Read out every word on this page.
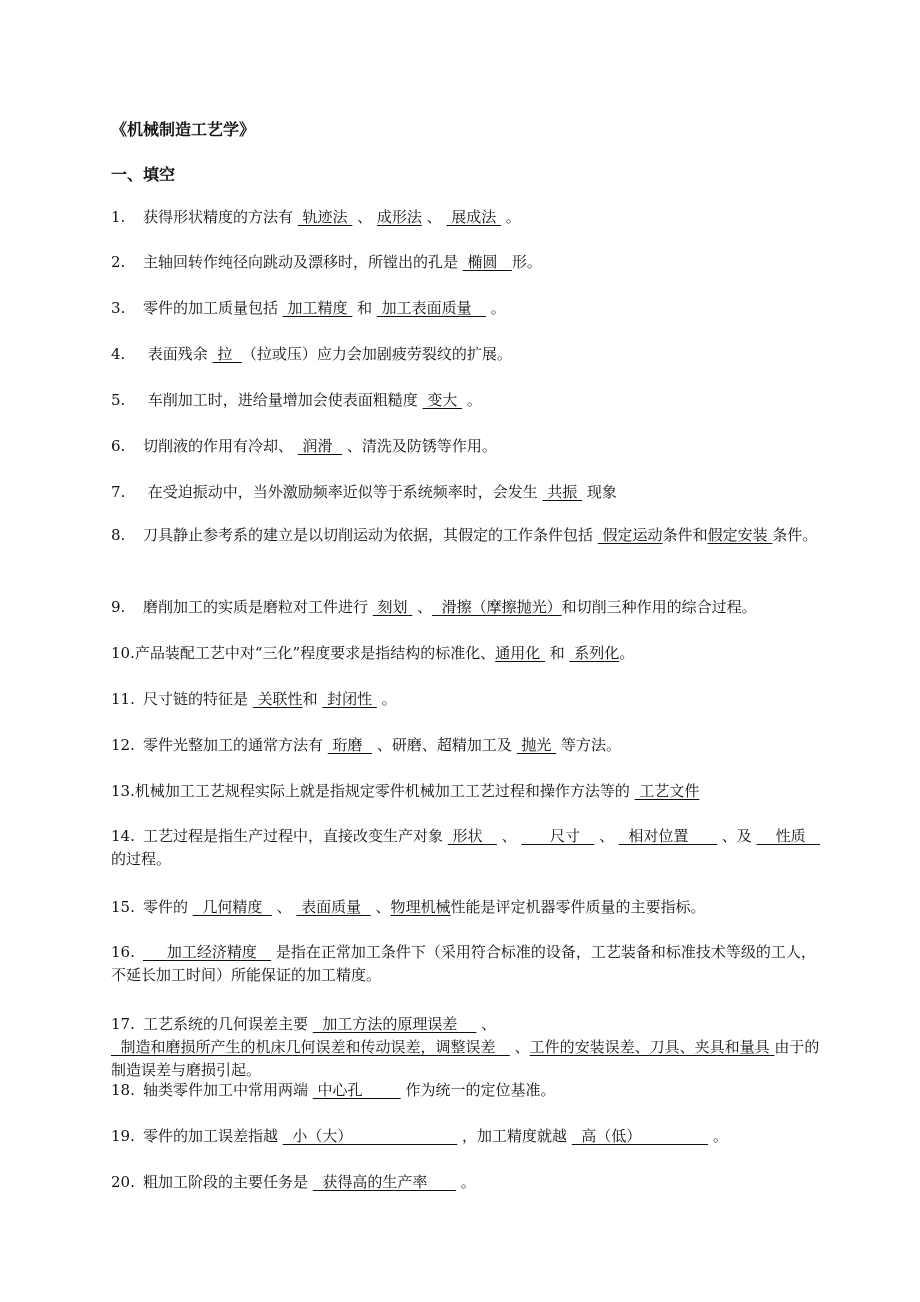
《机械制造工艺学》
一、填空
1. 获得形状精度的方法有  轨迹法  、 成形法 、  展成法  。
2. 主轴回转作纯径向跳动及漂移时，所镗出的孔是  椭圆   形。
3. 零件的加工质量包括  加工精度  和  加工表面质量    。
4. 表面残余  拉  （拉或压）应力会加剧疲劳裂纹的扩展。
5. 车削加工时，进给量增加会使表面粗糙度  变大  。
6. 切削液的作用有冷却、  润滑   、清洗及防锈等作用。
7. 在受迫振动中，当外激励频率近似等于系统频率时，会发生  共振  现象
8. 刀具静止参考系的建立是以切削运动为依据，其假定的工作条件包括  假定运动条件和假定安装 条件。
9. 磨削加工的实质是磨粒对工件进行  刻划  、  滑擦（摩擦抛光）和切削三种作用的综合过程。
10.产品装配工艺中对“三化”程度要求是指结构的标准化、通用化  和  系列化。
11. 尺寸链的特征是  关联性和  封闭性  。
12. 零件光整加工的通常方法有  珩磨   、研磨、超精加工及  抛光  等方法。
13.机械加工工艺规程实际上就是指规定零件机械加工工艺过程和操作方法等的  工艺文件
14. 工艺过程是指生产过程中，直接改变生产对象  形状    、       尺寸    、   相对位置       、及     性质    的过程。
15. 零件的   几何精度   、  表面质量   、物理机械性能是评定机器零件质量的主要指标。
16.     加工经济精度    是指在正常加工条件下（采用符合标准的设备，工艺装备和标准技术等级的工人，不延长加工时间）所能保证的加工精度。
17. 工艺系统的几何误差主要   加工方法的原理误差     、   制造和磨损所产生的机床几何误差和传动误差，调整误差    、工件的安装误差、刀具、夹具和量具 由于的制造误差与磨损引起。
18. 轴类零件加工中常用两端  中心孔         作为统一的定位基准。
19. 零件的加工误差指越   小（大）                       ，加工精度就越   高（低）               。
20. 粗加工阶段的主要任务是   获得高的生产率       。
